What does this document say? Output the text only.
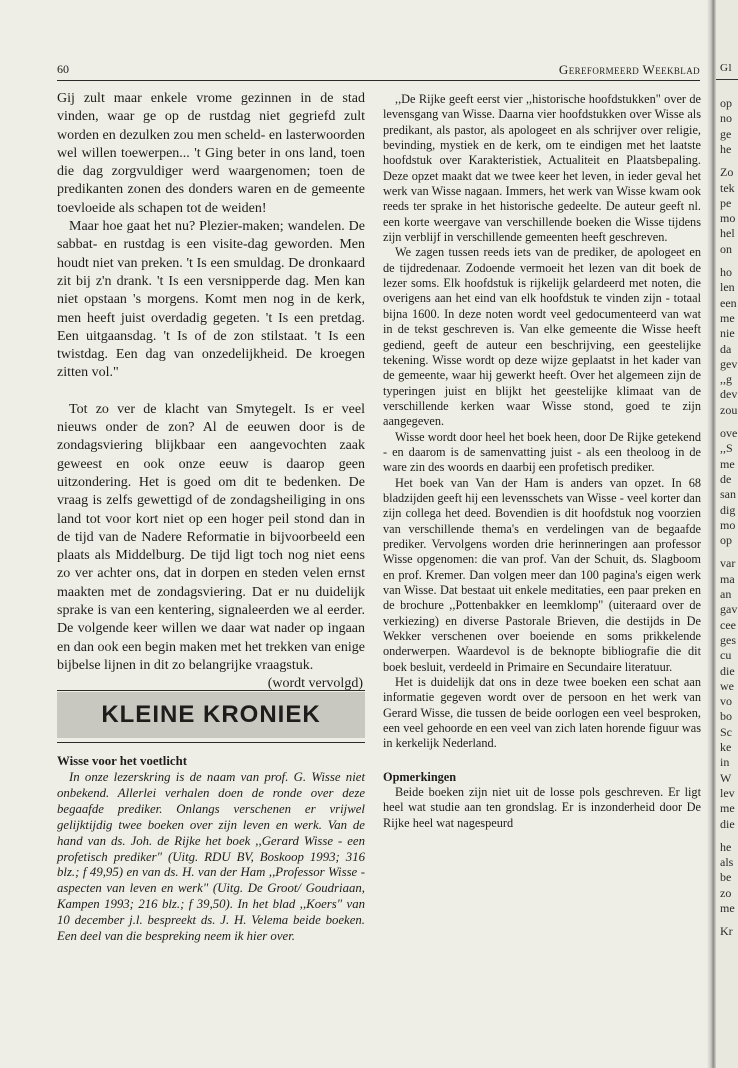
60	Gereformeerd Weekblad

Gij zult maar enkele vrome gezinnen in de stad vinden, waar ge op de rustdag niet gegriefd zult worden en dezulken zou men scheld- en lasterwoorden wel willen toewerpen... 't Ging beter in ons land, toen die dag zorgvuldiger werd waargenomen; toen de predikanten zonen des donders waren en de gemeente toevloeide als schapen tot de weiden!

Maar hoe gaat het nu? Plezier-maken; wandelen. De sabbat- en rustdag is een visite-dag geworden. Men houdt niet van preken. 't Is een smuldag. De dronkaard zit bij z'n drank. 't Is een versnipperde dag. Men kan niet opstaan 's morgens. Komt men nog in de kerk, men heeft juist overdadig gegeten. 't Is een pretdag. Een uitgaansdag. 't Is of de zon stilstaat. 't Is een twistdag. Een dag van onzedelijkheid. De kroegen zitten vol."

Tot zo ver de klacht van Smytegelt. Is er veel nieuws onder de zon? Al de eeuwen door is de zondagsviering blijkbaar een aangevochten zaak geweest en ook onze eeuw is daarop geen uitzondering. Het is goed om dit te bedenken. De vraag is zelfs gewettigd of de zondagsheiliging in ons land tot voor kort niet op een hoger peil stond dan in de tijd van de Nadere Reformatie in bijvoorbeeld een plaats als Middelburg. De tijd ligt toch nog niet eens zo ver achter ons, dat in dorpen en steden velen ernst maakten met de zondagsviering. Dat er nu duidelijk sprake is van een kentering, signaleerden we al eerder. De volgende keer willen we daar wat nader op ingaan en dan ook een begin maken met het trekken van enige bijbelse lijnen in dit zo belangrijke vraagstuk.

(wordt vervolgd)

KLEINE KRONIEK
Wisse voor het voetlicht

In onze lezerskring is de naam van prof. G. Wisse niet onbekend. Allerlei verhalen doen de ronde over deze begaafde prediker. Onlangs verschenen er vrijwel gelijktijdig twee boeken over zijn leven en werk. Van de hand van ds. Joh. de Rijke het boek ,,Gerard Wisse - een profetisch prediker" (Uitg. RDU BV, Boskoop 1993; 316 blz.; f 49,95) en van ds. H. van der Ham ,,Professor Wisse - aspecten van leven en werk" (Uitg. De Groot/ Goudriaan, Kampen 1993; 216 blz.; f 39,50). In het blad ,,Koers" van 10 december j.l. bespreekt ds. J. H. Velema beide boeken. Een deel van die bespreking neem ik hier over.

,,De Rijke geeft eerst vier ,,historische hoofdstukken" over de levensgang van Wisse. Daarna vier hoofdstukken over Wisse als predikant, als pastor, als apologeet en als schrijver over religie, bevinding, mystiek en de kerk, om te eindigen met het laatste hoofdstuk over Karakteristiek, Actualiteit en Plaatsbepaling. Deze opzet maakt dat we twee keer het leven, in ieder geval het werk van Wisse nagaan. Immers, het werk van Wisse kwam ook reeds ter sprake in het historische gedeelte. De auteur geeft nl. een korte weergave van verschillende boeken die Wisse tijdens zijn verblijf in verschillende gemeenten heeft geschreven.

We zagen tussen reeds iets van de prediker, de apologeet en de tijdredenaar. Zodoende vermoeit het lezen van dit boek de lezer soms. Elk hoofdstuk is rijkelijk gelardeerd met noten, die overigens aan het eind van elk hoofdstuk te vinden zijn - totaal bijna 1600. In deze noten wordt veel gedocumenteerd van wat in de tekst geschreven is. Van elke gemeente die Wisse heeft gediend, geeft de auteur een beschrijving, een geestelijke tekening. Wisse wordt op deze wijze geplaatst in het kader van de gemeente, waar hij gewerkt heeft. Over het algemeen zijn de typeringen juist en blijkt het geestelijke klimaat van de verschillende kerken waar Wisse stond, goed te zijn aangegeven.

Wisse wordt door heel het boek heen, door De Rijke getekend - en daarom is de samenvatting juist - als een theoloog in de ware zin des woords en daarbij een profetisch prediker.

Het boek van Van der Ham is anders van opzet. In 68 bladzijden geeft hij een levensschets van Wisse - veel korter dan zijn collega het deed. Bovendien is dit hoofdstuk nog voorzien van verschillende thema's en verdelingen van de begaafde prediker. Vervolgens worden drie herinneringen aan professor Wisse opgenomen: die van prof. Van der Schuit, ds. Slagboom en prof. Kremer. Dan volgen meer dan 100 pagina's eigen werk van Wisse. Dat bestaat uit enkele meditaties, een paar preken en de brochure ,,Pottenbakker en leemklomp" (uiteraard over de verkiezing) en diverse Pastorale Brieven, die destijds in De Wekker verschenen over boeiende en soms prikkelende onderwerpen. Waardevol is de beknopte bibliografie die dit boek besluit, verdeeld in Primaire en Secundaire literatuur.

Het is duidelijk dat ons in deze twee boeken een schat aan informatie gegeven wordt over de persoon en het werk van Gerard Wisse, die tussen de beide oorlogen een veel besproken, een veel gehoorde en een veel van zich laten horende figuur was in kerkelijk Nederland.

Opmerkingen

Beide boeken zijn niet uit de losse pols geschreven. Er ligt heel wat studie aan ten grondslag. Er is inzonderheid door De Rijke heel wat nagespeurd

Gl
op
no
ge
he
Zo
tek
pe
mo
hel
on
ho
len
een
me
nie
da
gev
,,g
dev
zou
ove
,,S
me
de
san
dig
mo
op
var
ma
an
gav
cee
ges
cu
die
we
vo
bo
Sc
ke
in
W
lev
me
die
he
als
be
zo
me
Kr
